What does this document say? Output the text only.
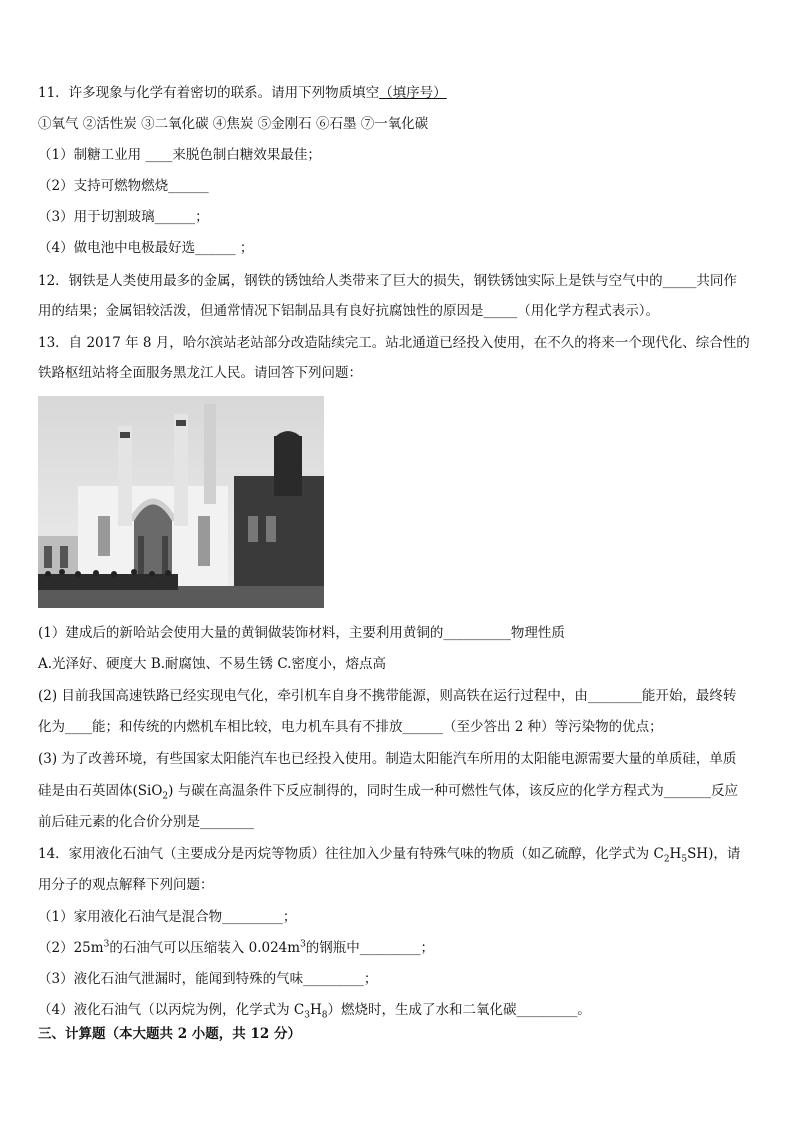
11．许多现象与化学有着密切的联系。请用下列物质填空（填序号）
①氧气 ②活性炭 ③二氧化碳 ④焦炭 ⑤金刚石 ⑥石墨 ⑦一氧化碳
（1）制糖工业用 ____来脱色制白糖效果最佳；
（2）支持可燃物燃烧______
（3）用于切割玻璃______；
（4）做电池中电极最好选______ ；
12．钢铁是人类使用最多的金属，钢铁的锈蚀给人类带来了巨大的损失，钢铁锈蚀实际上是铁与空气中的_____共同作
用的结果；金属铝较活泼，但通常情况下铝制品具有良好抗腐蚀性的原因是_____（用化学方程式表示）。
13．自 2017 年 8 月，哈尔滨站老站部分改造陆续完工。站北通道已经投入使用，在不久的将来一个现代化、综合性的
铁路枢纽站将全面服务黑龙江人民。请回答下列问题：
(1）建成后的新哈站会使用大量的黄铜做装饰材料，主要利用黄铜的__________物理性质
A.光泽好、硬度大 B.耐腐蚀、不易生锈 C.密度小，熔点高
(2) 目前我国高速铁路已经实现电气化，牵引机车自身不携带能源，则高铁在运行过程中，由________能开始，最终转
化为____能；和传统的内燃机车相比较，电力机车具有不排放______（至少答出 2 种）等污染物的优点；
(3) 为了改善环境，有些国家太阳能汽车也已经投入使用。制造太阳能汽车所用的太阳能电源需要大量的单质硅，单质
硅是由石英固体(SiO$_2$) 与碳在高温条件下反应制得的，同时生成一种可燃性气体，该反应的化学方程式为_______反应
前后硅元素的化合价分别是________
14．家用液化石油气（主要成分是丙烷等物质）往往加入少量有特殊气味的物质（如乙硫醇，化学式为 $C_2H_5SH$)，请
用分子的观点解释下列问题：
（1）家用液化石油气是混合物_________；
$(2)25m^3$的石油气可以压缩装入 $0.024m^3$的钢瓶中_________；
（3）液化石油气泄漏时，能闻到特殊的气味_________；
（4）液化石油气（以丙烷为例，化学式为 $C_3H_8$）燃烧时，生成了水和二氧化碳_________。
三、计算题（本大题共 2 小题，共 12 分）
